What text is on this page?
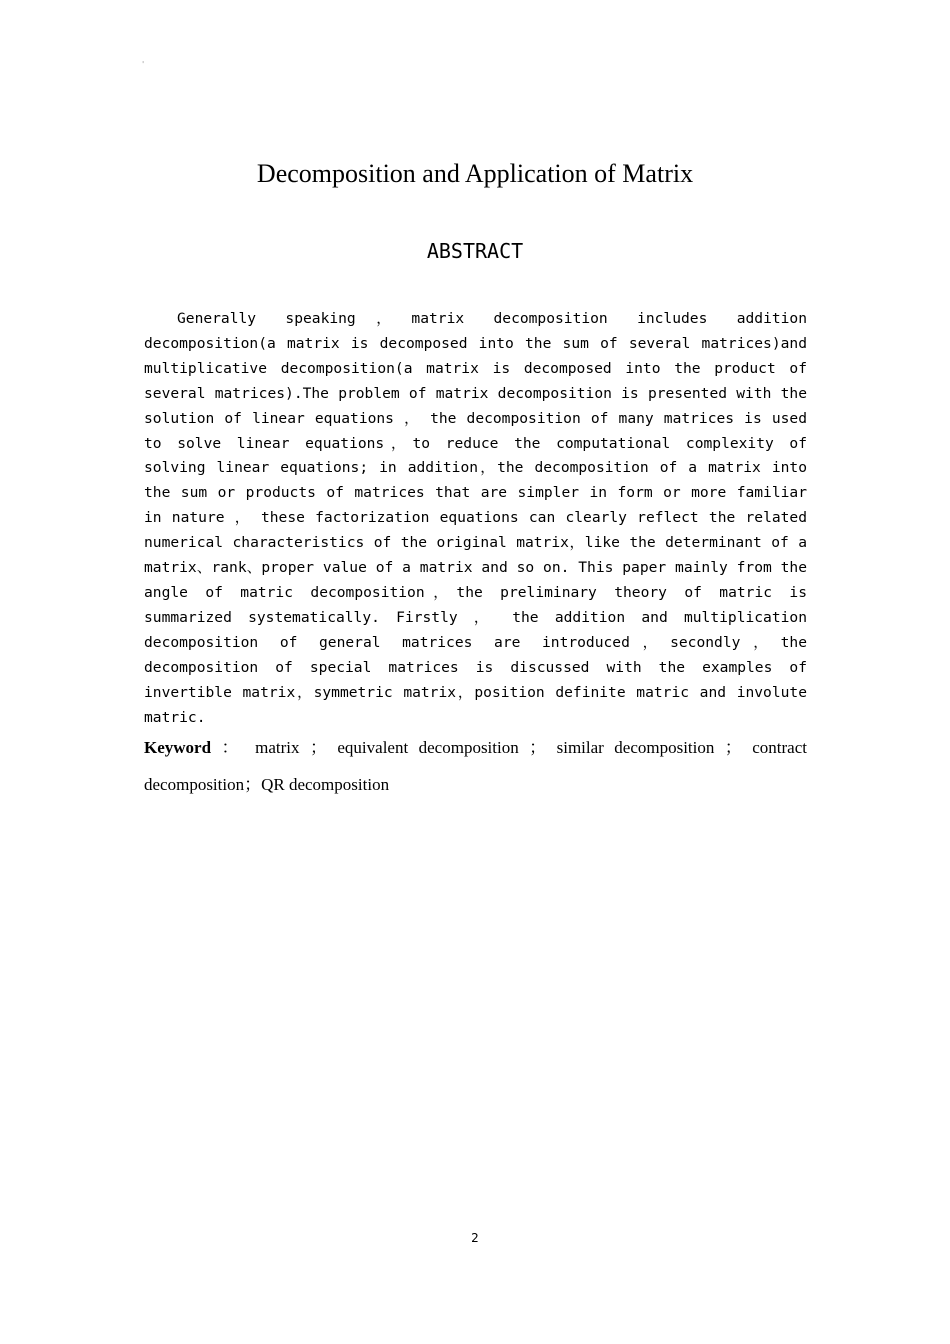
'
Decomposition and Application of Matrix
ABSTRACT
Generally speaking，matrix decomposition includes addition decomposition(a matrix is decomposed into the sum of several matrices)and multiplicative decomposition(a matrix is decomposed into the product of several matrices).The problem of matrix decomposition is presented with the solution of linear equations ， the decomposition of many matrices is used to solve linear equations，to reduce the computational complexity of solving linear equations; in addition，the decomposition of a matrix into the sum or products of matrices that are simpler in form or more familiar in nature ， these factorization equations can clearly reflect the related numerical characteristics of the original matrix，like the determinant of a matrix、rank、proper value of a matrix and so on. This paper mainly from the angle of matric decomposition，the preliminary theory of matric is summarized systematically. Firstly ， the addition and multiplication decomposition of general matrices are introduced，secondly，the decomposition of special matrices is discussed with the examples of invertible matrix，symmetric matrix，position definite matric and involute matric.
Keyword ： matrix ； equivalent decomposition ； similar decomposition ； contract decomposition；QR decomposition
2
